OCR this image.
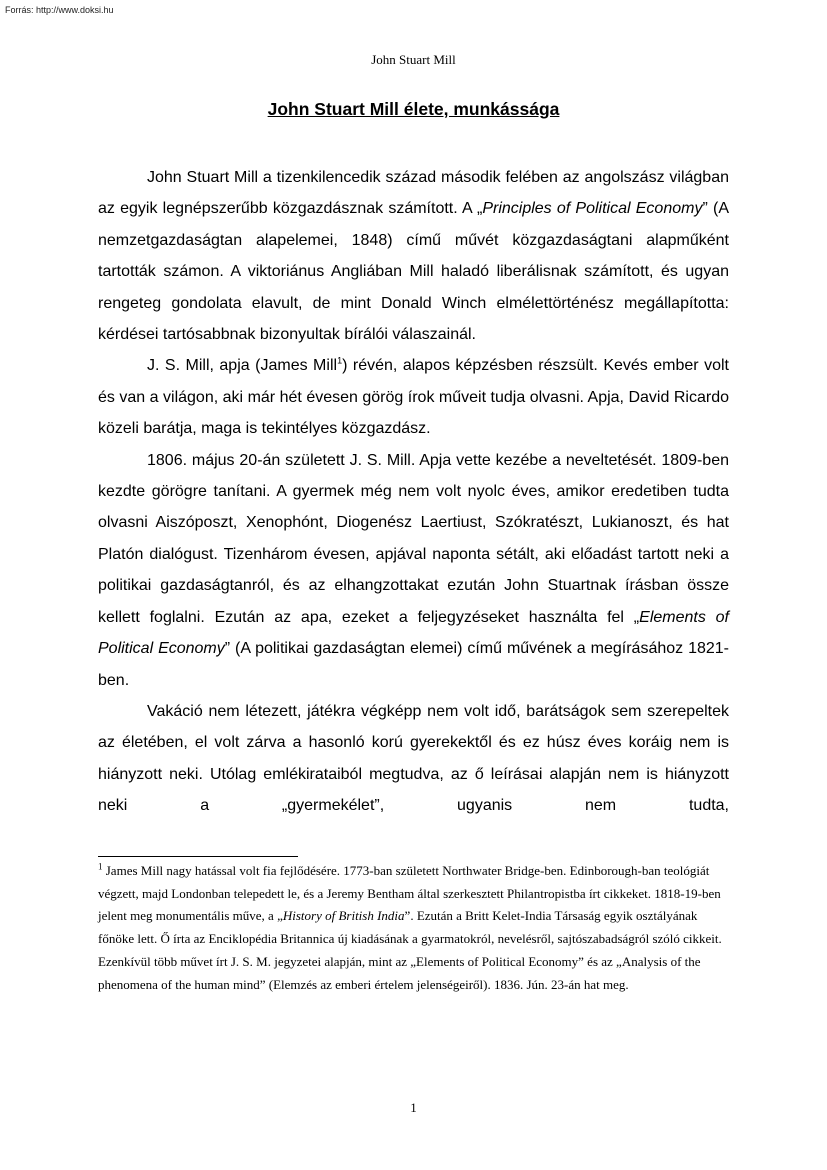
Forrás: http://www.doksi.hu
John Stuart Mill
John Stuart Mill élete, munkássága

John Stuart Mill a tizenkilencedik század második felében az angolszász világban az egyik legnépszerűbb közgazdásznak számított. A „Principles of Political Economy” (A nemzetgazdaságtan alapelemei, 1848) című művét közgazdaságtani alapműként tartották számon. A viktoriánus Angliában Mill haladó liberálisnak számított, és ugyan rengeteg gondolata elavult, de mint Donald Winch elmélettörténész megállapította: kérdései tartósabbnak bizonyultak bírálói válaszainál.

J. S. Mill, apja (James Mill$^1$) révén, alapos képzésben részsült. Kevés ember volt és van a világon, aki már hét évesen görög írok műveit tudja olvasni. Apja, David Ricardo közeli barátja, maga is tekintélyes közgazdász.

1806. május 20-án született J. S. Mill. Apja vette kezébe a neveltetését. 1809-ben kezdte görögre tanítani. A gyermek még nem volt nyolc éves, amikor eredetiben tudta olvasni Aiszóposzt, Xenophónt, Diogenész Laertiust, Szókratészt, Lukianoszt, és hat Platón dialógust. Tizenhárom évesen, apjával naponta sétált, aki előadást tartott neki a politikai gazdaságtanról, és az elhangzottakat ezután John Stuartnak írásban össze kellett foglalni. Ezután az apa, ezeket a feljegyzéseket használta fel „Elements of Political Economy” (A politikai gazdaságtan elemei) című művének a megírásához 1821-ben.

Vakáció nem létezett, játékra végképp nem volt idő, barátságok sem szerepeltek az életében, el volt zárva a hasonló korú gyerekektől és ez húsz éves koráig nem is hiányzott neki. Utólag emlékirataiból megtudva, az ő leírásai alapján nem is hiányzott neki a „gyermekélet”, ugyanis nem tudta,

$^1$ James Mill nagy hatással volt fia fejlődésére. 1773-ban született Northwater Bridge-ben. Edinborough-ban teológiát végzett, majd Londonban telepedett le, és a Jeremy Bentham által szerkesztett Philantropistba írt cikkeket. 1818-19-ben jelent meg monumentális műve, a „History of British India”. Ezután a Britt Kelet-India Társaság egyik osztályának főnöke lett. Ő írta az Enciklopédia Britannica új kiadásának a gyarmatokról, nevelésről, sajtószabadságról szóló cikkeit. Ezenkívül több művet írt J. S. M. jegyzetei alapján, mint az „Elements of Political Economy” és az „Analysis of the phenomena of the human mind” (Elemzés az emberi értelem jelenségeiről). 1836. Jún. 23-án hat meg.

1
